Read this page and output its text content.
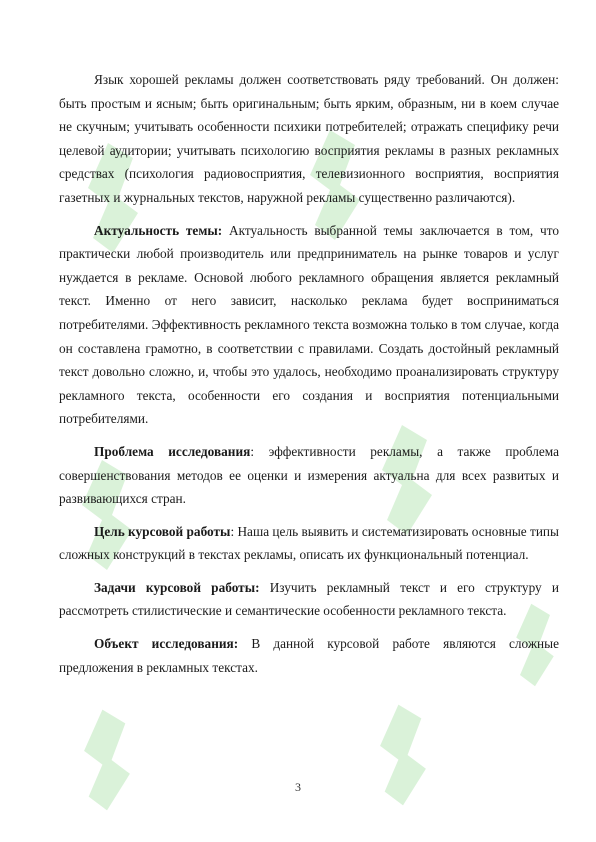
Язык хорошей рекламы должен соответствовать ряду требований. Он должен: быть простым и ясным; быть оригинальным; быть ярким, образным, ни в коем случае не скучным; учитывать особенности психики потребителей; отражать специфику речи целевой аудитории; учитывать психологию восприятия рекламы в разных рекламных средствах (психология радиовосприятия, телевизионного восприятия, восприятия газетных и журнальных текстов, наружной рекламы существенно различаются).

Актуальность темы: Актуальность выбранной темы заключается в том, что практически любой производитель или предприниматель на рынке товаров и услуг нуждается в рекламе. Основой любого рекламного обращения является рекламный текст. Именно от него зависит, насколько реклама будет восприниматься потребителями. Эффективность рекламного текста возможна только в том случае, когда он составлена грамотно, в соответствии с правилами. Создать достойный рекламный текст довольно сложно, и, чтобы это удалось, необходимо проанализировать структуру рекламного текста, особенности его создания и восприятия потенциальными потребителями.

Проблема исследования: эффективности рекламы, а также проблема совершенствования методов ее оценки и измерения актуальна для всех развитых и развивающихся стран.

Цель курсовой работы: Наша цель выявить и систематизировать основные типы сложных конструкций в текстах рекламы, описать их функциональный потенциал.

Задачи курсовой работы: Изучить рекламный текст и его структуру и рассмотреть стилистические и семантические особенности рекламного текста.

Объект исследования: В данной курсовой работе являются сложные предложения в рекламных текстах.

3
